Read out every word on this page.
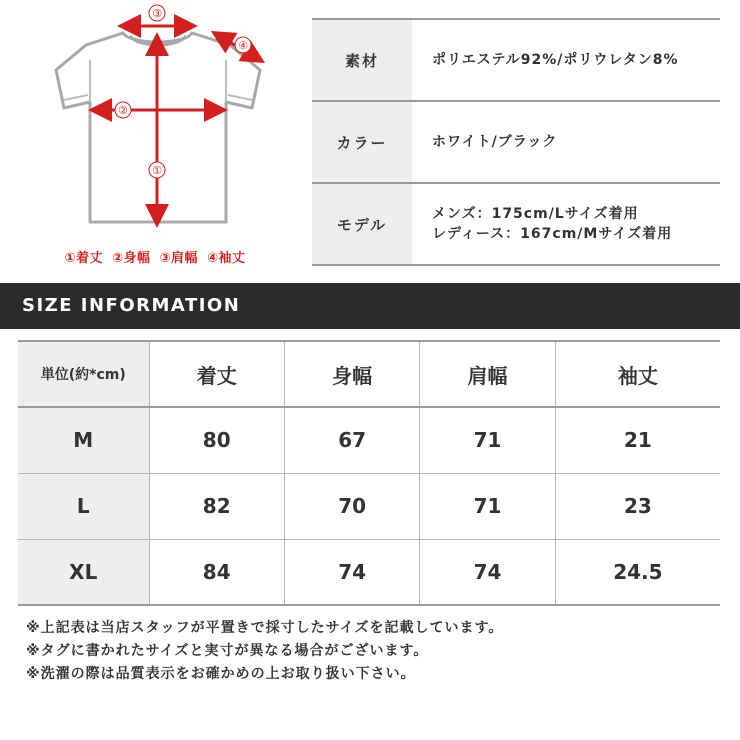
③
④
②
①
①着丈 ②身幅 ③肩幅 ④袖丈
素材	ポリエステル92%/ポリウレタン8%

カラー	ホワイト/ブラック

モデル	メンズ：175cm/Lサイズ着用
レディース：167cm/Mサイズ着用
SIZE INFORMATION
単位(約*cm)	着丈	身幅	肩幅	袖丈
M	80	67	71	21
L	82	70	71	23
XL	84	74	74	24.5
※上記表は当店スタッフが平置きで採寸したサイズを記載しています。
※タグに書かれたサイズと実寸が異なる場合がございます。
※洗濯の際は品質表示をお確かめの上お取り扱い下さい。
